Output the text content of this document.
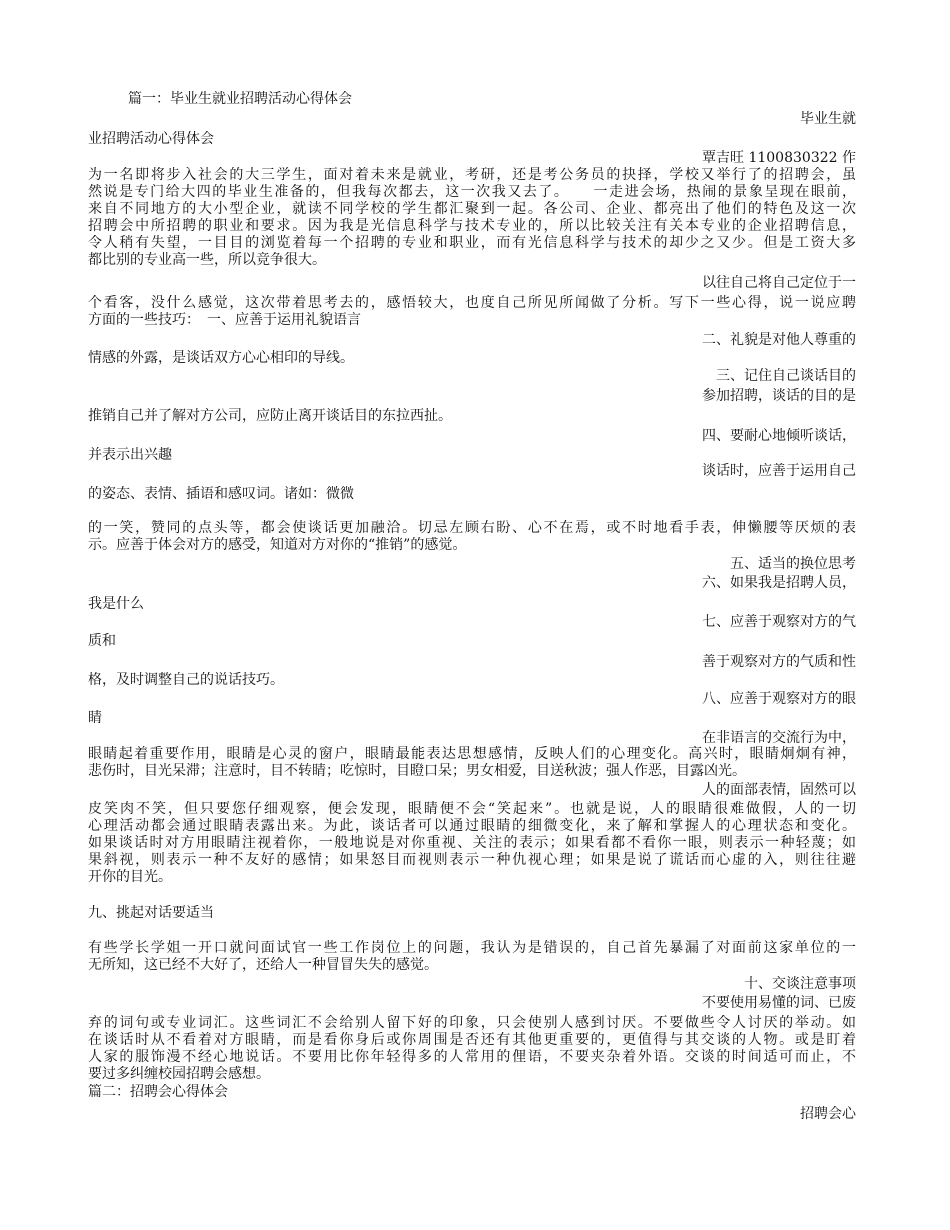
篇一：毕业生就业招聘活动心得体会
毕业生就
业招聘活动心得体会
覃吉旺 1100830322 作
为一名即将步入社会的大三学生，面对着未来是就业，考研，还是考公务员的抉择，学校又举行了的招聘会，虽
然说是专门给大四的毕业生准备的，但我每次都去，这一次我又去了。　　一走进会场，热闹的景象呈现在眼前，
来自不同地方的大小型企业，就读不同学校的学生都汇聚到一起。各公司、企业、都亮出了他们的特色及这一次
招聘会中所招聘的职业和要求。因为我是光信息科学与技术专业的，所以比较关注有关本专业的企业招聘信息，
令人稍有失望，一目目的浏览着每一个招聘的专业和职业，而有光信息科学与技术的却少之又少。但是工资大多
都比别的专业高一些，所以竞争很大。
以往自己将自己定位于一
个看客，没什么感觉，这次带着思考去的，感悟较大，也度自己所见所闻做了分析。写下一些心得，说一说应聘
方面的一些技巧：　一、应善于运用礼貌语言
二、礼貌是对他人尊重的
情感的外露，是谈话双方心心相印的导线。
三、记住自己谈话目的
参加招聘，谈话的目的是
推销自己并了解对方公司，应防止离开谈话目的东拉西扯。
四、要耐心地倾听谈话，
并表示出兴趣
谈话时，应善于运用自己
的姿态、表情、插语和感叹词。诸如：微微
的一笑，赞同的点头等，都会使谈话更加融洽。切忌左顾右盼、心不在焉，或不时地看手表，伸懒腰等厌烦的表
示。应善于体会对方的感受，知道对方对你的“推销”的感觉。
五、适当的换位思考
六、如果我是招聘人员，
我是什么
七、应善于观察对方的气
质和
善于观察对方的气质和性
格，及时调整自己的说话技巧。
八、应善于观察对方的眼
睛
在非语言的交流行为中，
眼睛起着重要作用，眼睛是心灵的窗户，眼睛最能表达思想感情，反映人们的心理变化。高兴时，眼睛炯炯有神，
悲伤时，目光呆滞；注意时，目不转睛；吃惊时，目瞪口呆；男女相爱，目送秋波；强人作恶，目露凶光。
人的面部表情，固然可以
皮笑肉不笑，但只要您仔细观察，便会发现，眼睛便不会“笑起来”。也就是说，人的眼睛很难做假，人的一切
心理活动都会通过眼睛表露出来。为此，谈话者可以通过眼睛的细微变化，来了解和掌握人的心理状态和变化。
如果谈话时对方用眼睛注视着你，一般地说是对你重视、关注的表示；如果看都不看你一眼，则表示一种轻蔑；如
果斜视，则表示一种不友好的感情；如果怒目而视则表示一种仇视心理；如果是说了谎话而心虚的入，则往往避
开你的目光。
九、挑起对话要适当
有些学长学姐一开口就问面试官一些工作岗位上的问题，我认为是错误的，自己首先暴漏了对面前这家单位的一
无所知，这已经不大好了，还给人一种冒冒失失的感觉。
十、交谈注意事项
不要使用易懂的词、已废
弃的词句或专业词汇。这些词汇不会给别人留下好的印象，只会使别人感到讨厌。不要做些令人讨厌的举动。如
在谈话时从不看着对方眼睛，而是看你身后或你周围是否还有其他更重要的，更值得与其交谈的人物。或是盯着
人家的服饰漫不经心地说话。不要用比你年轻得多的人常用的俚语，不要夹杂着外语。交谈的时间适可而止，不
要过多纠缠校园招聘会感想。
篇二：招聘会心得体会
招聘会心
